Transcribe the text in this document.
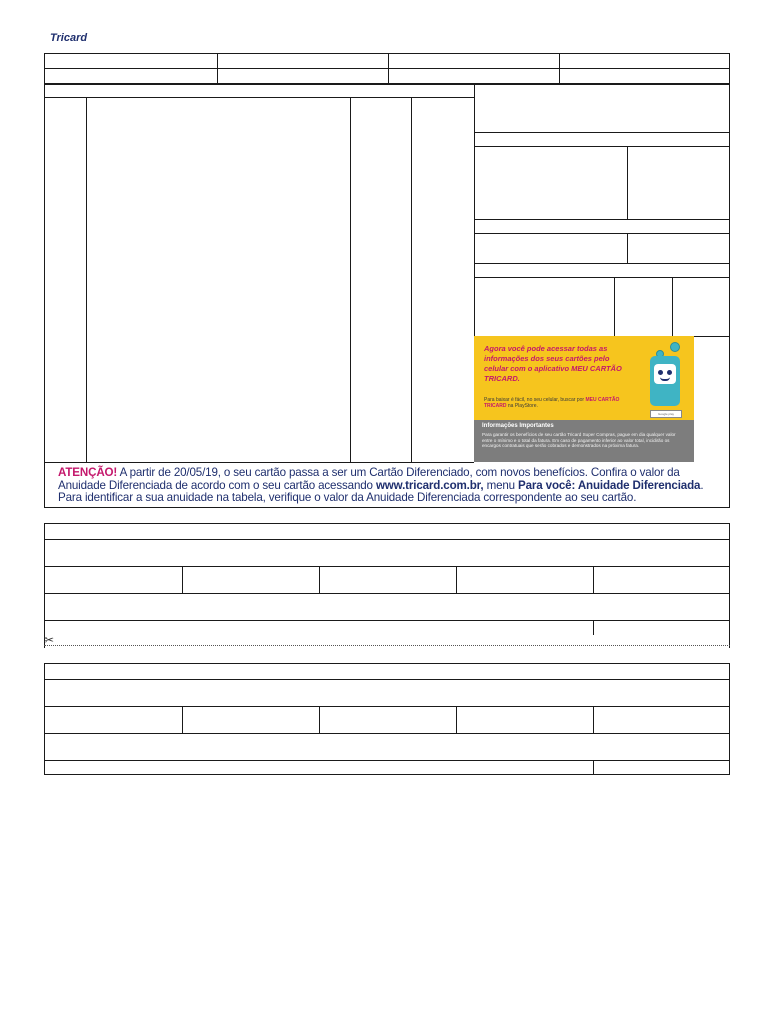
Tricard
Agora você pode acessar todas as informações dos seus cartões pelo celular com o aplicativo MEU CARTÃO TRICARD.
Para baixar é fácil, no seu celular, buscar por MEU CARTÃO TRICARD na PlayStore.
Google play
Informações Importantes
Para garantir os benefícios de seu cartão Tricard Super Compras, pague em dia qualquer valor entre o mínimo e o total da fatura. Em caso de pagamento inferior ao valor total, incidirão os encargos contratuais que serão cobrados e demonstrados na próxima fatura.
ATENÇÃO! A partir de 20/05/19, o seu cartão passa a ser um Cartão Diferenciado, com novos benefícios. Confira o valor da
Anuidade Diferenciada de acordo com o seu cartão acessando www.tricard.com.br, menu Para você: Anuidade Diferenciada.
Para identificar a sua anuidade na tabela, verifique o valor da Anuidade Diferenciada correspondente ao seu cartão.
✂
